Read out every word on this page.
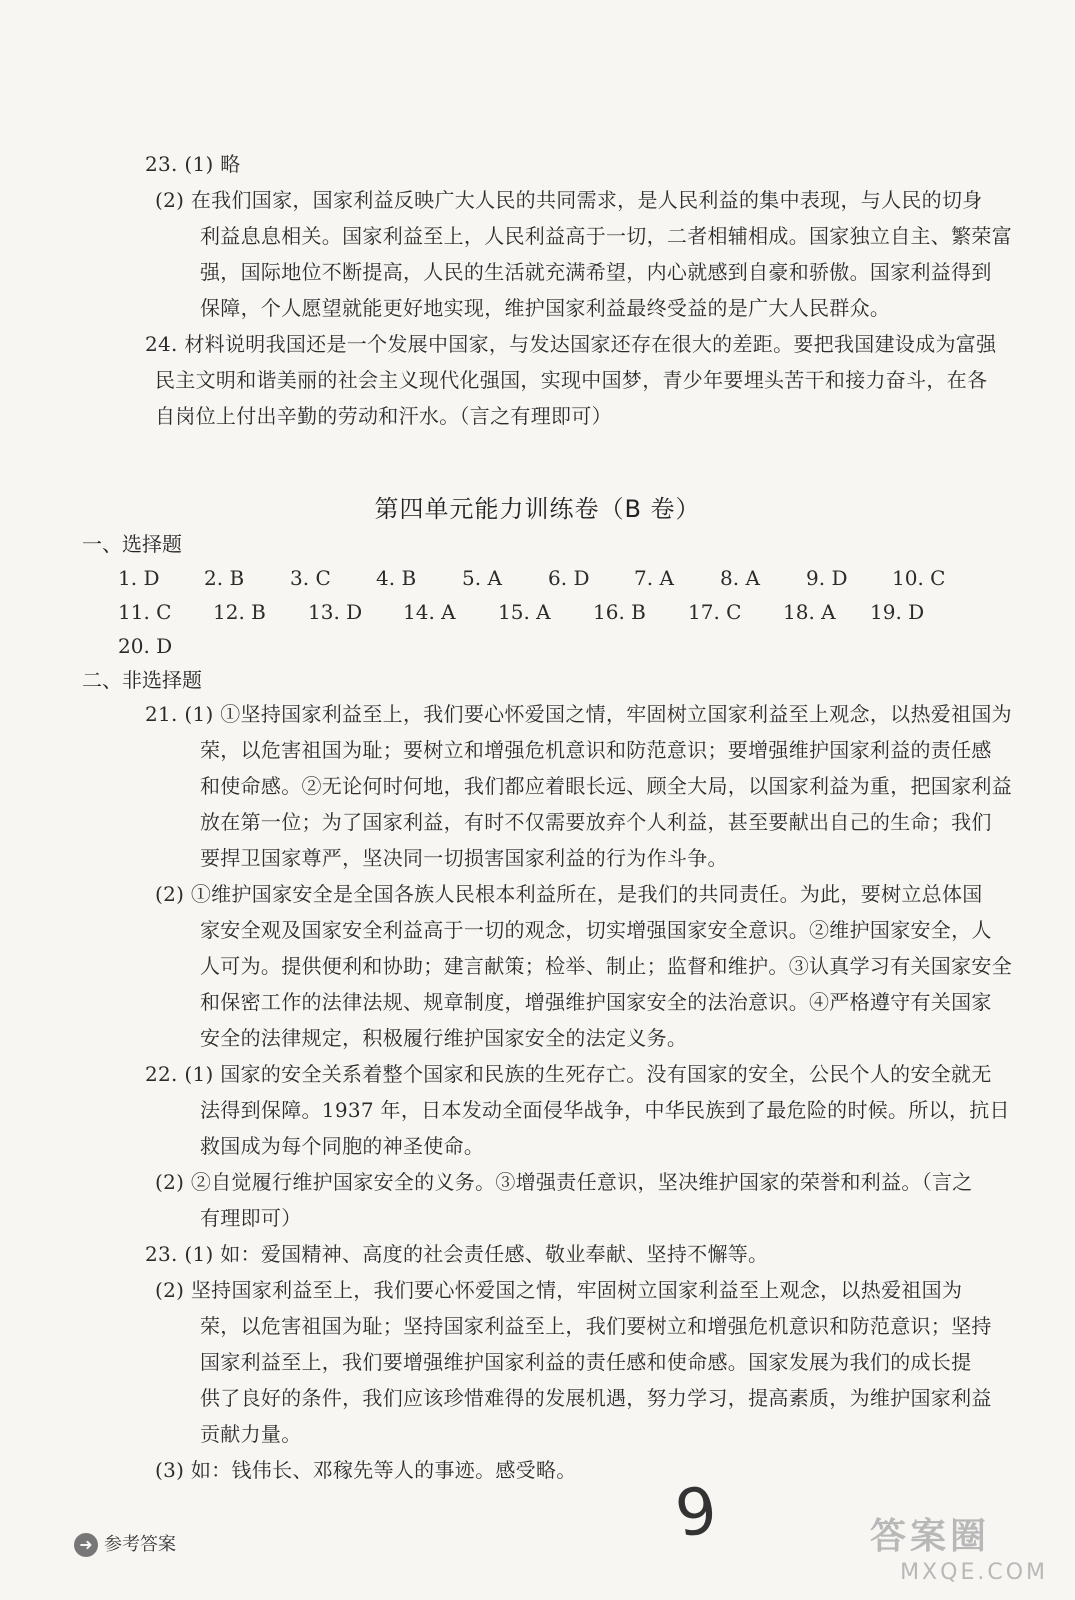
23. (1) 略
(2) 在我们国家，国家利益反映广大人民的共同需求，是人民利益的集中表现，与人民的切身
利益息息相关。国家利益至上，人民利益高于一切，二者相辅相成。国家独立自主、繁荣富
强，国际地位不断提高，人民的生活就充满希望，内心就感到自豪和骄傲。国家利益得到
保障，个人愿望就能更好地实现，维护国家利益最终受益的是广大人民群众。
24. 材料说明我国还是一个发展中国家，与发达国家还存在很大的差距。要把我国建设成为富强
民主文明和谐美丽的社会主义现代化强国，实现中国梦，青少年要埋头苦干和接力奋斗，在各
自岗位上付出辛勤的劳动和汗水。（言之有理即可）
第四单元能力训练卷（B 卷）
一、选择题
1. D 2. B 3. C 4. B 5. A 6. D 7. A 8. A 9. D 10. C
11. C 12. B 13. D 14. A 15. A 16. B 17. C 18. A 19. D
20. D
二、非选择题
21. (1) ①坚持国家利益至上，我们要心怀爱国之情，牢固树立国家利益至上观念，以热爱祖国为
荣，以危害祖国为耻；要树立和增强危机意识和防范意识；要增强维护国家利益的责任感
和使命感。②无论何时何地，我们都应着眼长远、顾全大局，以国家利益为重，把国家利益
放在第一位；为了国家利益，有时不仅需要放弃个人利益，甚至要献出自己的生命；我们
要捍卫国家尊严，坚决同一切损害国家利益的行为作斗争。
(2) ①维护国家安全是全国各族人民根本利益所在，是我们的共同责任。为此，要树立总体国
家安全观及国家安全利益高于一切的观念，切实增强国家安全意识。②维护国家安全，人
人可为。提供便利和协助；建言献策；检举、制止；监督和维护。③认真学习有关国家安全
和保密工作的法律法规、规章制度，增强维护国家安全的法治意识。④严格遵守有关国家
安全的法律规定，积极履行维护国家安全的法定义务。
22. (1) 国家的安全关系着整个国家和民族的生死存亡。没有国家的安全，公民个人的安全就无
法得到保障。1937 年，日本发动全面侵华战争，中华民族到了最危险的时候。所以，抗日
救国成为每个同胞的神圣使命。
(2) ②自觉履行维护国家安全的义务。③增强责任意识，坚决维护国家的荣誉和利益。（言之
有理即可）
23. (1) 如：爱国精神、高度的社会责任感、敬业奉献、坚持不懈等。
(2) 坚持国家利益至上，我们要心怀爱国之情，牢固树立国家利益至上观念，以热爱祖国为
荣，以危害祖国为耻；坚持国家利益至上，我们要树立和增强危机意识和防范意识；坚持
国家利益至上，我们要增强维护国家利益的责任感和使命感。国家发展为我们的成长提
供了良好的条件，我们应该珍惜难得的发展机遇，努力学习，提高素质，为维护国家利益
贡献力量。
(3) 如：钱伟长、邓稼先等人的事迹。感受略。
➜ 参考答案	9	答案圈
MXQE.COM
